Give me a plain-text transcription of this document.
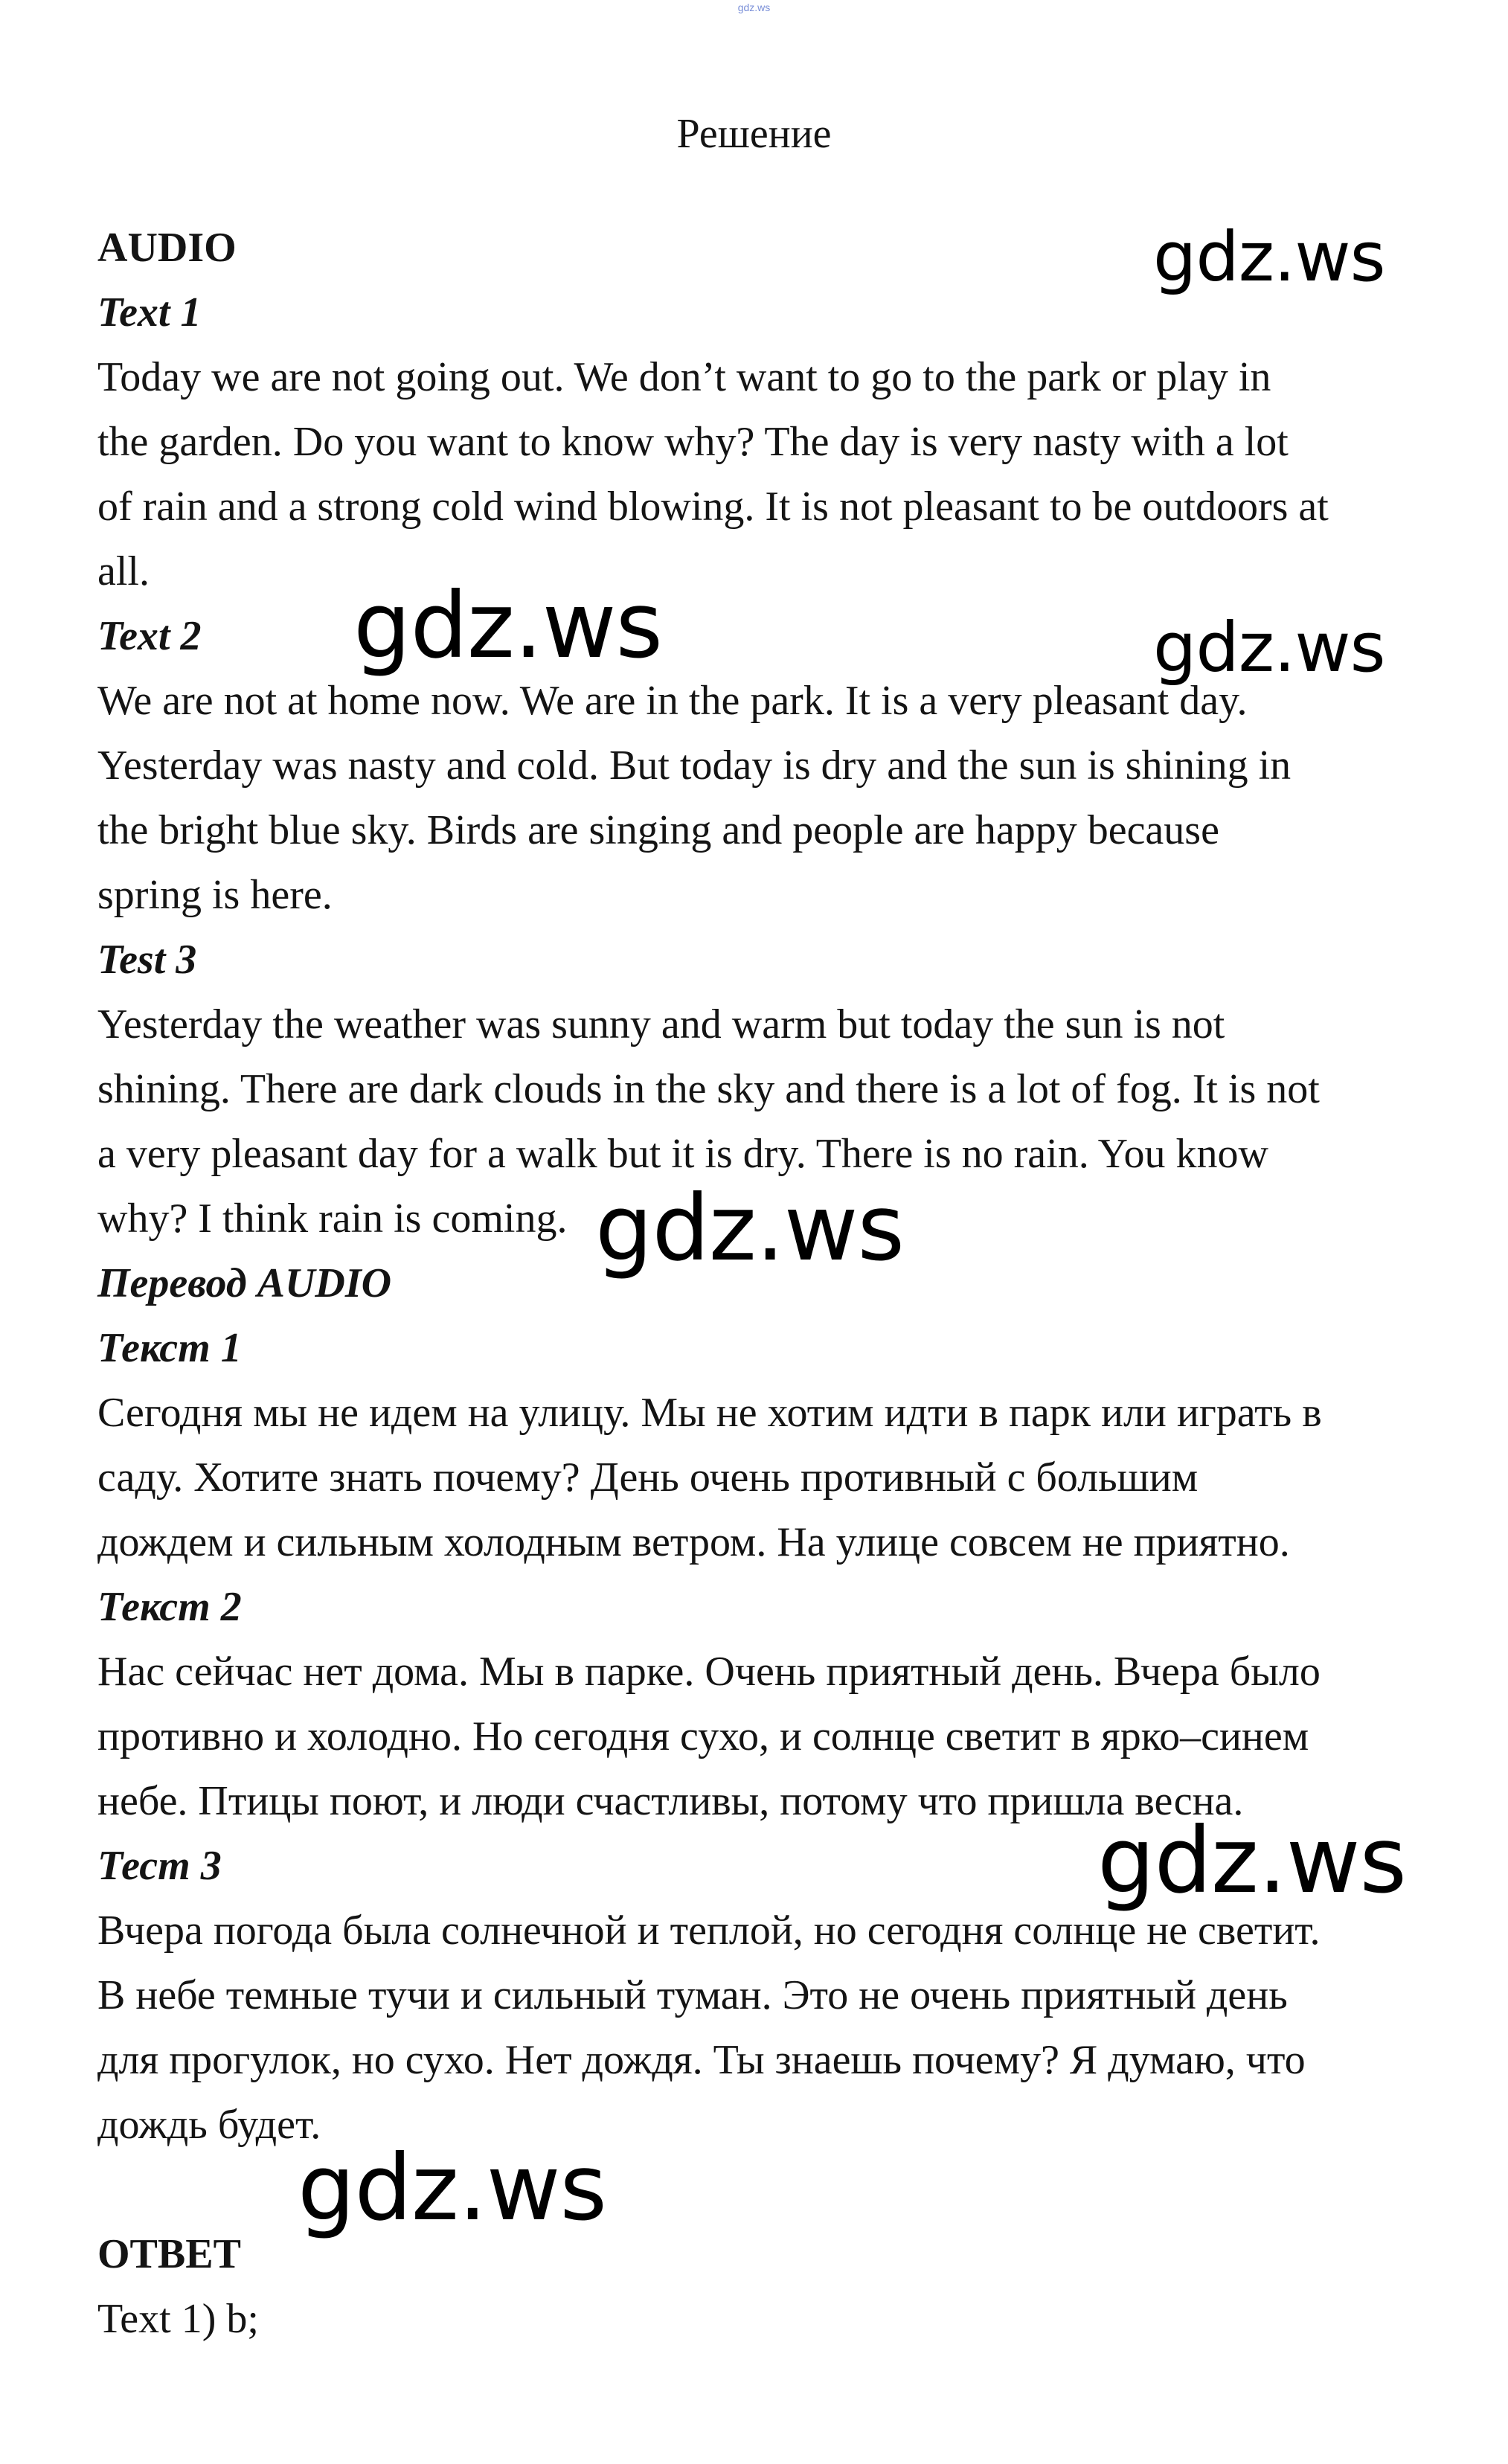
gdz.ws
Решение

AUDIO

Text 1

Today we are not going out. We don’t want to go to the park or play in

the garden. Do you want to know why? The day is very nasty with a lot

of rain and a strong cold wind blowing. It is not pleasant to be outdoors at

all.

Text 2

We are not at home now. We are in the park. It is a very pleasant day.

Yesterday was nasty and cold. But today is dry and the sun is shining in

the bright blue sky. Birds are singing and people are happy because

spring is here.

Test 3

Yesterday the weather was sunny and warm but today the sun is not

shining. There are dark clouds in the sky and there is a lot of fog. It is not

a very pleasant day for a walk but it is dry. There is no rain. You know

why? I think rain is coming.

Перевод AUDIO

Текст 1

Сегодня мы не идем на улицу. Мы не хотим идти в парк или играть в

саду. Хотите знать почему? День очень противный с большим

дождем и сильным холодным ветром. На улице совсем не приятно.

Текст 2

Нас сейчас нет дома. Мы в парке. Очень приятный день. Вчера было

противно и холодно. Но сегодня сухо, и солнце светит в ярко–синем

небе. Птицы поют, и люди счастливы, потому что пришла весна.

Тест 3

Вчера погода была солнечной и теплой, но сегодня солнце не светит.

В небе темные тучи и сильный туман. Это не очень приятный день

для прогулок, но сухо. Нет дождя. Ты знаешь почему? Я думаю, что

дождь будет.

ОТВЕТ

Text 1) b;

gdz.ws
gdz.ws	gdz.ws
gdz.ws
gdz.ws
gdz.ws
